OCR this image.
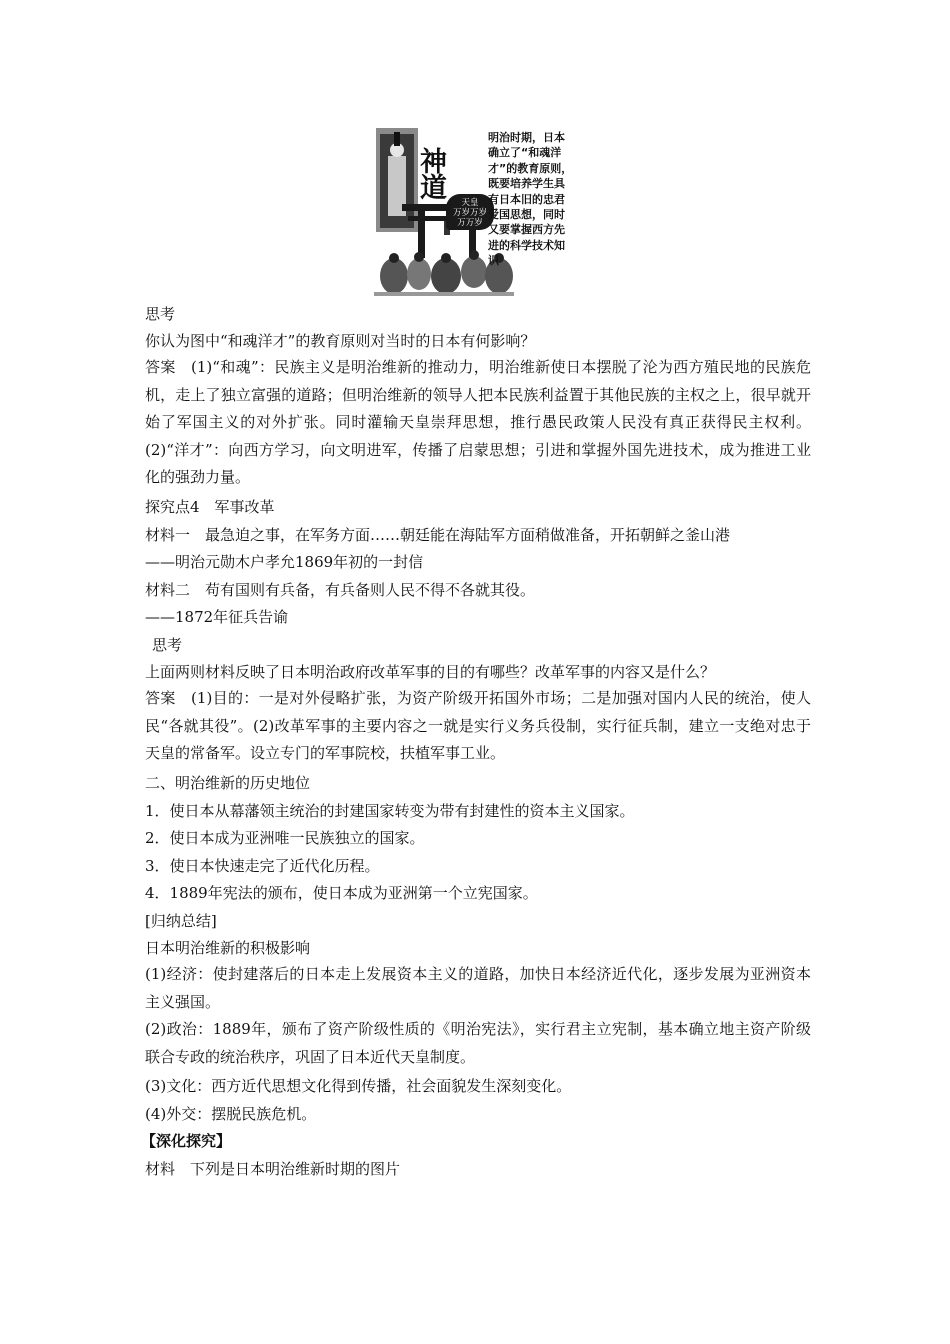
神
道	天皇
万岁万岁
万万岁
明治时期，日本确立了“和魂洋才”的教育原则，既要培养学生具有日本旧的忠君爱国思想，同时又要掌握西方先进的科学技术知识
思考
你认为图中“和魂洋才”的教育原则对当时的日本有何影响？
答案　(1)“和魂”：民族主义是明治维新的推动力，明治维新使日本摆脱了沦为西方殖民地的民族危机，走上了独立富强的道路；但明治维新的领导人把本民族利益置于其他民族的主权之上，很早就开始了军国主义的对外扩张。同时灌输天皇崇拜思想，推行愚民政策人民没有真正获得民主权利。(2)“洋才”：向西方学习，向文明进军，传播了启蒙思想；引进和掌握外国先进技术，成为推进工业化的强劲力量。
探究点4　军事改革
材料一　最急迫之事，在军务方面……朝廷能在海陆军方面稍做准备，开拓朝鲜之釜山港
——明治元勋木户孝允1869年初的一封信
材料二　苟有国则有兵备，有兵备则人民不得不各就其役。
——1872年征兵告谕
思考
上面两则材料反映了日本明治政府改革军事的目的有哪些？改革军事的内容又是什么？
答案　(1)目的：一是对外侵略扩张，为资产阶级开拓国外市场；二是加强对国内人民的统治，使人民“各就其役”。(2)改革军事的主要内容之一就是实行义务兵役制，实行征兵制，建立一支绝对忠于天皇的常备军。设立专门的军事院校，扶植军事工业。
二、明治维新的历史地位
1．使日本从幕藩领主统治的封建国家转变为带有封建性的资本主义国家。
2．使日本成为亚洲唯一民族独立的国家。
3．使日本快速走完了近代化历程。
4．1889年宪法的颁布，使日本成为亚洲第一个立宪国家。
[归纳总结]
日本明治维新的积极影响
(1)经济：使封建落后的日本走上发展资本主义的道路，加快日本经济近代化，逐步发展为亚洲资本主义强国。
(2)政治：1889年，颁布了资产阶级性质的《明治宪法》，实行君主立宪制，基本确立地主资产阶级联合专政的统治秩序，巩固了日本近代天皇制度。
(3)文化：西方近代思想文化得到传播，社会面貌发生深刻变化。
(4)外交：摆脱民族危机。
【深化探究】
材料　下列是日本明治维新时期的图片
